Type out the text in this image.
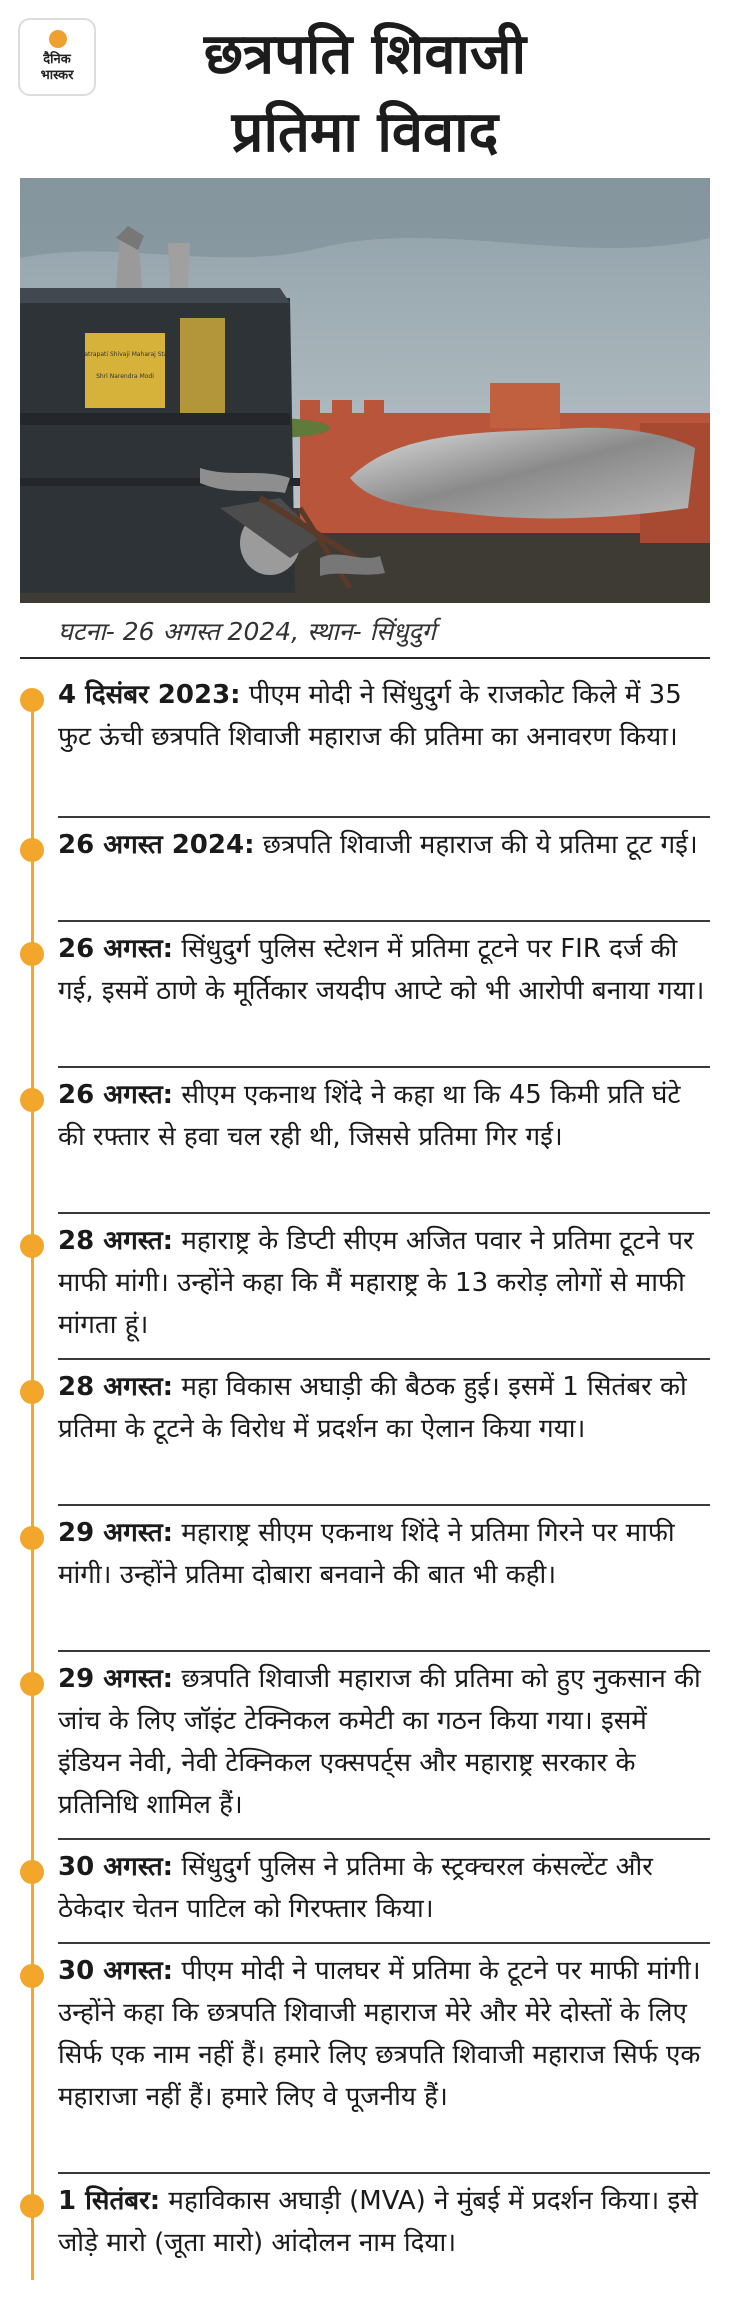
दैनिक
भास्कर	छत्रपति शिवाजी
प्रतिमा विवाद
Chhatrapati Shivaji Maharaj Statue
Shri Narendra Modi
घटना- 26 अगस्त 2024, स्थान- सिंधुदुर्ग

4 दिसंबर 2023: पीएम मोदी ने सिंधुदुर्ग के राजकोट किले में 35 फुट ऊंची छत्रपति शिवाजी महाराज की प्रतिमा का अनावरण किया।

26 अगस्त 2024: छत्रपति शिवाजी महाराज की ये प्रतिमा टूट गई।

26 अगस्त: सिंधुदुर्ग पुलिस स्टेशन में प्रतिमा टूटने पर FIR दर्ज की गई, इसमें ठाणे के मूर्तिकार जयदीप आप्टे को भी आरोपी बनाया गया।

26 अगस्त: सीएम एकनाथ शिंदे ने कहा था कि 45 किमी प्रति घंटे की रफ्तार से हवा चल रही थी, जिससे प्रतिमा गिर गई।

28 अगस्त: महाराष्ट्र के डिप्टी सीएम अजित पवार ने प्रतिमा टूटने पर माफी मांगी। उन्होंने कहा कि मैं महाराष्ट्र के 13 करोड़ लोगों से माफी मांगता हूं।

28 अगस्त: महा विकास अघाड़ी की बैठक हुई। इसमें 1 सितंबर को प्रतिमा के टूटने के विरोध में प्रदर्शन का ऐलान किया गया।

29 अगस्त: महाराष्ट्र सीएम एकनाथ शिंदे ने प्रतिमा गिरने पर माफी मांगी। उन्होंने प्रतिमा दोबारा बनवाने की बात भी कही।

29 अगस्त: छत्रपति शिवाजी महाराज की प्रतिमा को हुए नुकसान की जांच के लिए जॉइंट टेक्निकल कमेटी का गठन किया गया। इसमें इंडियन नेवी, नेवी टेक्निकल एक्सपर्ट्स और महाराष्ट्र सरकार के प्रतिनिधि शामिल हैं।

30 अगस्त: सिंधुदुर्ग पुलिस ने प्रतिमा के स्ट्रक्चरल कंसल्टेंट और ठेकेदार चेतन पाटिल को गिरफ्तार किया।

30 अगस्त: पीएम मोदी ने पालघर में प्रतिमा के टूटने पर माफी मांगी। उन्होंने कहा कि छत्रपति शिवाजी महाराज मेरे और मेरे दोस्तों के लिए सिर्फ एक नाम नहीं हैं। हमारे लिए छत्रपति शिवाजी महाराज सिर्फ एक महाराजा नहीं हैं। हमारे लिए वे पूजनीय हैं।

1 सितंबर: महाविकास अघाड़ी (MVA) ने मुंबई में प्रदर्शन किया। इसे जोड़े मारो (जूता मारो) आंदोलन नाम दिया।
